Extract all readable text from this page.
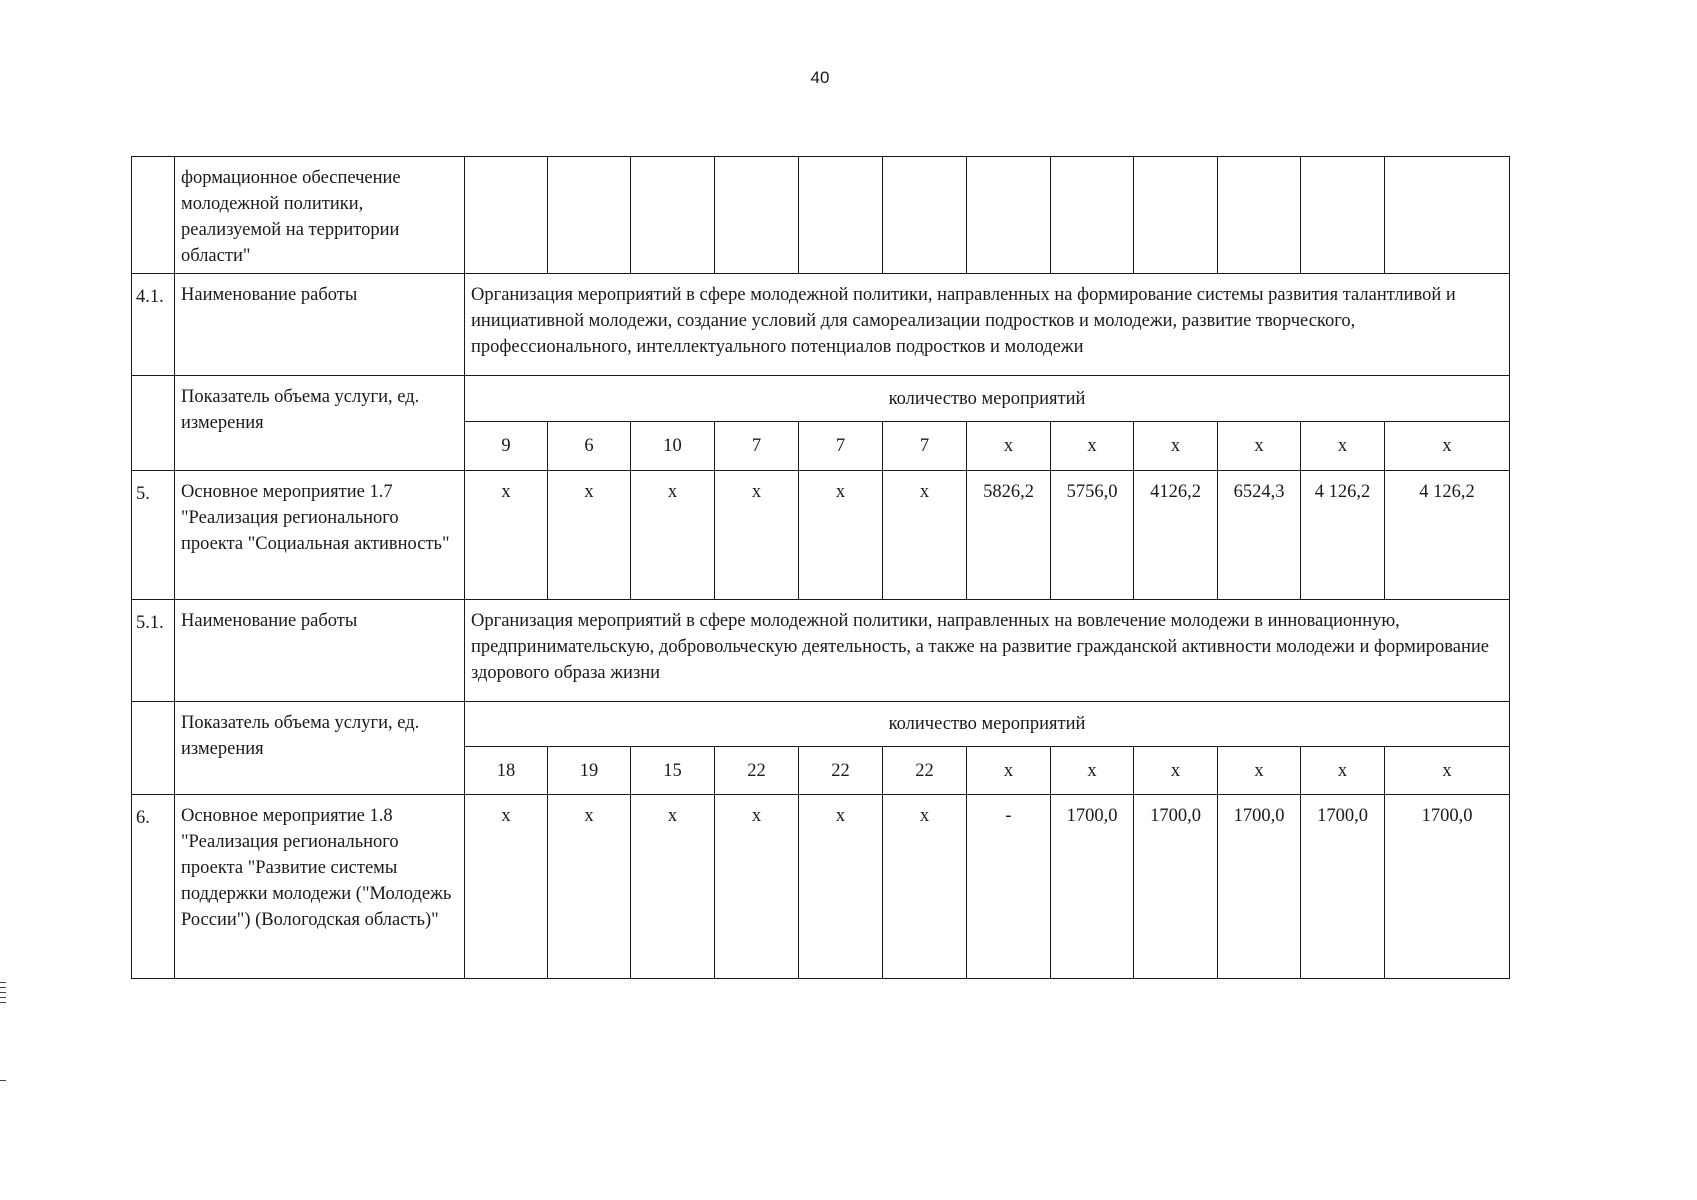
40
	формационное обеспечение молодежной политики, реализуемой на территории области"												
4.1.	Наименование работы	Организация мероприятий в сфере молодежной политики, направленных на формирование системы развития талантливой и инициативной молодежи, создание условий для самореализации подростков и молодежи, развитие творческого, профессионального, интеллектуального потенциалов подростков и молодежи											
	Показатель объема услуги, ед. измерения	количество мероприятий											
		9	6	10	7	7	7	х	х	х	х	х	х
5.	Основное мероприятие 1.7 "Реализация регионального проекта "Социальная активность"	х	х	х	х	х	х	5826,2	5756,0	4126,2	6524,3	4 126,2	4 126,2
5.1.	Наименование работы	Организация мероприятий в сфере молодежной политики, направленных на вовлечение молодежи в инновационную, предпринимательскую, добровольческую деятельность, а также на развитие гражданской активности молодежи и формирование здорового образа жизни											
	Показатель объема услуги, ед. измерения	количество мероприятий											
		18	19	15	22	22	22	х	х	х	х	х	х
6.	Основное мероприятие 1.8 "Реализация регионального проекта "Развитие системы поддержки молодежи ("Молодежь России") (Вологодская область)"	х	х	х	х	х	х	-	1700,0	1700,0	1700,0	1700,0	1700,0
